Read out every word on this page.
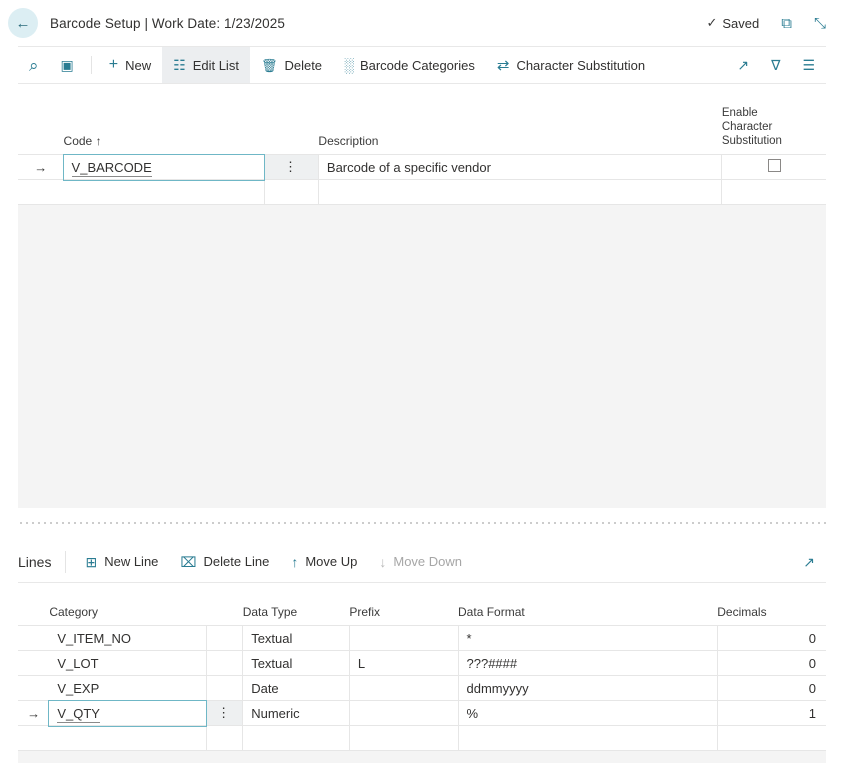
← Barcode Setup | Work Date: 1/23/2025	✓ Saved ⧉ ⤡
⌕ ▣ + New ☷ Edit List 🗑 Delete ░ Barcode Categories ⇄ Character Substitution	↗ ∇ ☰
	Code ↑		Description	Enable
Character
Substitution

→	V_BARCODE	⋮	Barcode of a specific vendor	

Lines	⊞ New Line ⌧ Delete Line ↑ Move Up ↓ Move Down	↗
	Category		Data Type	Prefix	Data Format	Decimals
	V_ITEM_NO		Textual		*	0
	V_LOT		Textual	L	???####	0
	V_EXP		Date		ddmmyyyy	0
→	V_QTY	⋮	Numeric		%	1
